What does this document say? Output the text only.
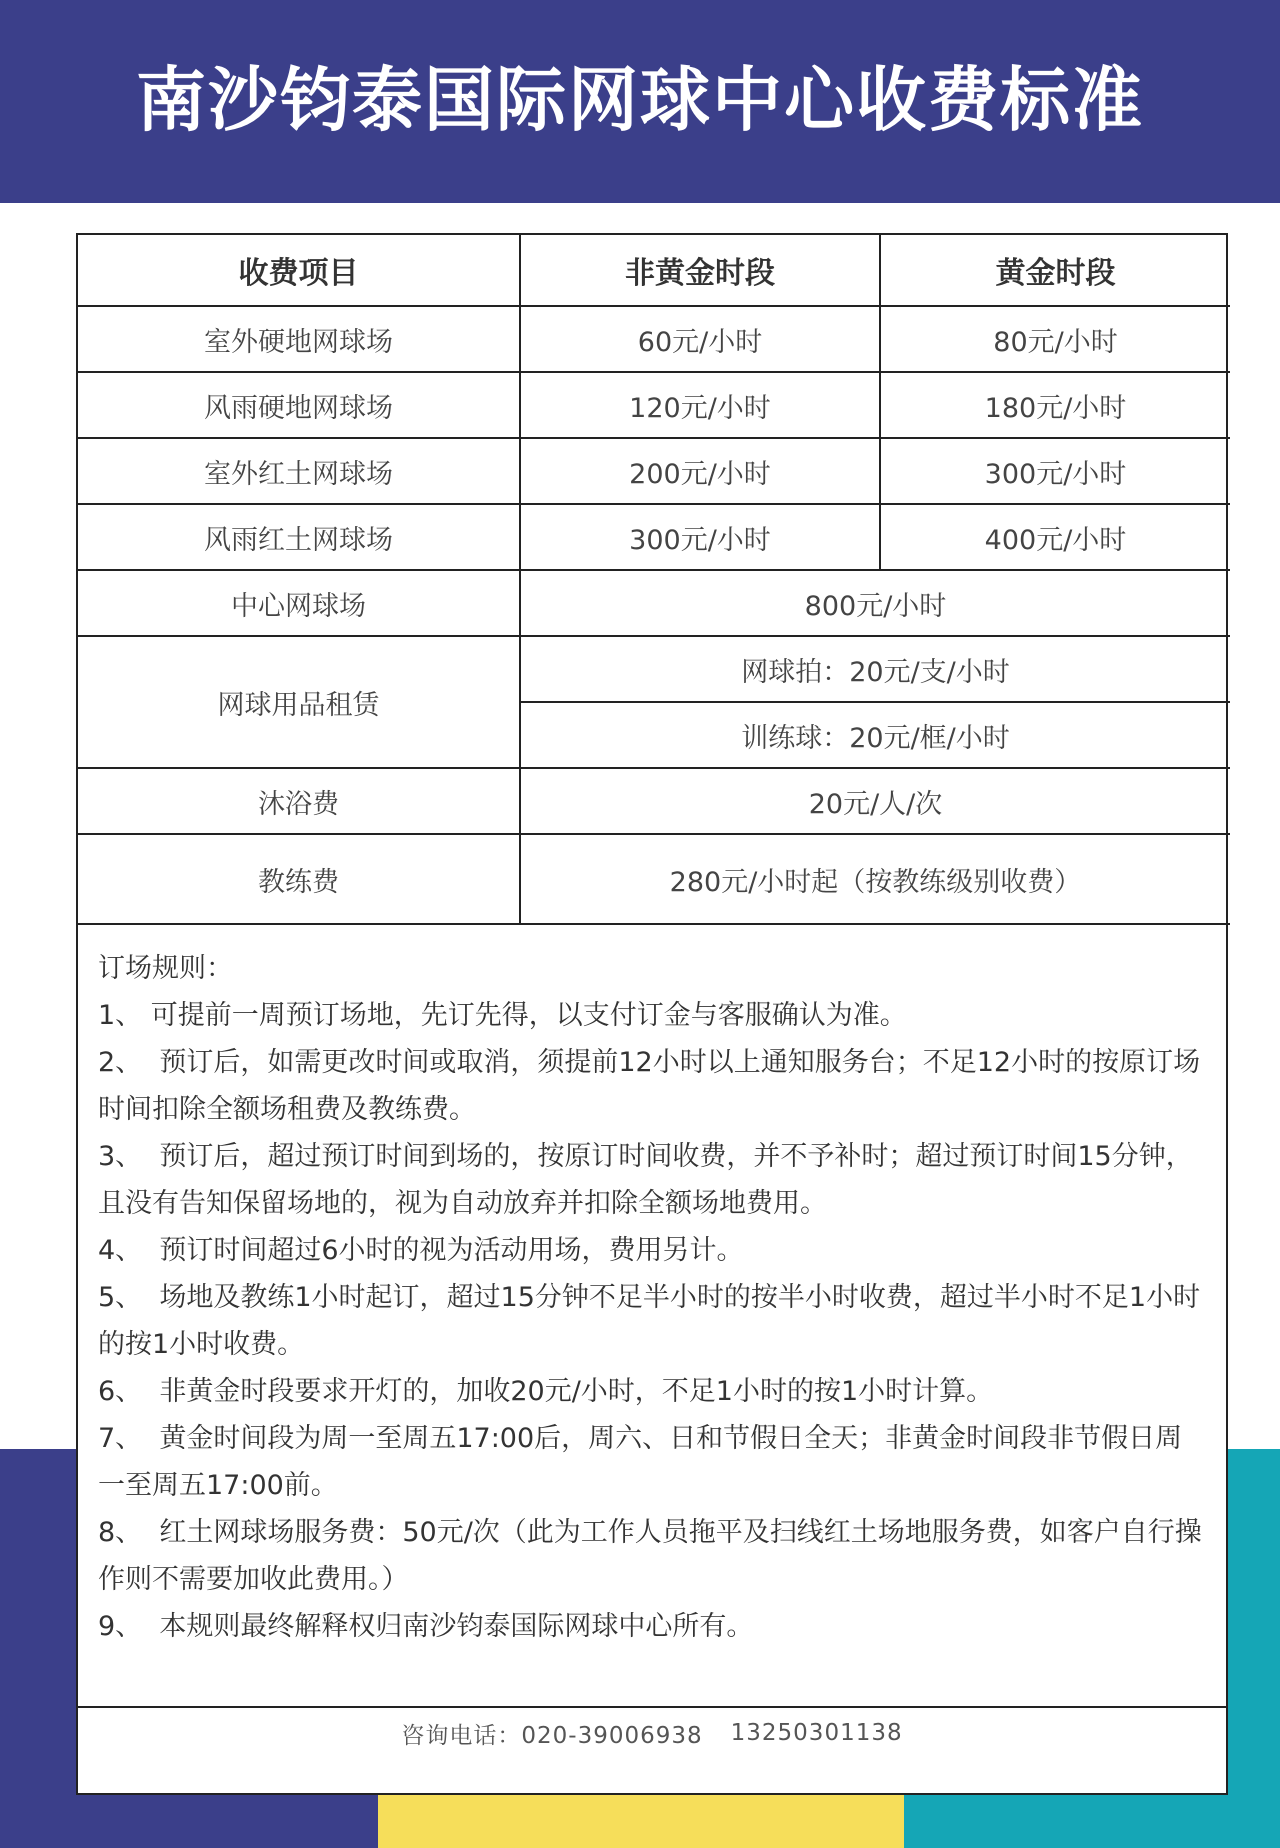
南沙钧泰国际网球中心收费标准
收费项目	非黄金时段	黄金时段
室外硬地网球场	60元/小时	80元/小时
风雨硬地网球场	120元/小时	180元/小时
室外红土网球场	200元/小时	300元/小时
风雨红土网球场	300元/小时	400元/小时
中心网球场	800元/小时	
网球用品租赁	网球拍：20元/支/小时	
	训练球：20元/框/小时	
沐浴费	20元/人/次	
教练费	280元/小时起（按教练级别收费）	

订场规则：

1、 可提前一周预订场地，先订先得，以支付订金与客服确认为准。
2、  预订后，如需更改时间或取消，须提前12小时以上通知服务台；不足12小时的按原订场时间扣除全额场租费及教练费。
3、  预订后，超过预订时间到场的，按原订时间收费，并不予补时；超过预订时间15分钟，且没有告知保留场地的，视为自动放弃并扣除全额场地费用。
4、  预订时间超过6小时的视为活动用场，费用另计。
5、  场地及教练1小时起订，超过15分钟不足半小时的按半小时收费，超过半小时不足1小时的按1小时收费。
6、  非黄金时段要求开灯的，加收20元/小时，不足1小时的按1小时计算。
7、  黄金时间段为周一至周五17:00后，周六、日和节假日全天；非黄金时间段非节假日周一至周五17:00前。
8、  红土网球场服务费：50元/次（此为工作人员拖平及扫线红土场地服务费，如客户自行操作则不需要加收此费用。）
9、  本规则最终解释权归南沙钧泰国际网球中心所有。
咨询电话：020-39006938 13250301138
